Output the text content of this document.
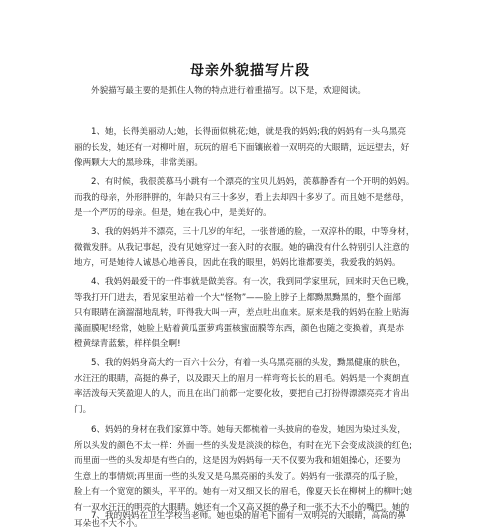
母亲外貌描写片段

外貌描写最主要的是抓住人物的特点进行着重描写。以下是，欢迎阅读。

1、她，长得美丽动人;她，长得面似桃花;她，就是我的妈妈;我的妈妈有一头乌黑亮
丽的长发，她还有一对柳叶眉，玩玩的眉毛下面镶嵌着一双明亮的大眼睛，远远望去，好
像两颗大大的黑珍珠，非常美丽。

2、有时候，我很羡慕马小跳有一个漂亮的宝贝儿妈妈，羡慕静香有一个开明的妈妈。
而我的母亲，外形胖胖的，年龄只有三十多岁，看上去却四十多岁了。而且她不是慈母，
是一个严厉的母亲。但是，她在我心中，是美好的。

3、我的妈妈并不漂亮，三十几岁的年纪，一张普通的脸，一双淳朴的眼，中等身材，
微微发胖。从我记事起，没有见她穿过一套入时的衣服。她的确没有什么特别引人注意的
地方，可是她待人诚恳心地善良，因此在我的眼里，妈妈比谁都要美，我爱我的妈妈。

4、我妈妈最爱干的一件事就是做美容。有一次，我到同学家里玩，回来时天色已晚，
等我打开门进去，看见家里站着一个大“怪物”——脸上脖子上都黝黑黝黑的，整个面部
只有眼睛在滴溜溜地乱转，吓得我大叫一声，差点吐出血来。原来是我的妈妈在脸上贴海
藻面膜呢!经常，她脸上贴着黄瓜蛋萝鸡蛋核蜜面膜等东西，颜色也随之变换着，真是赤
橙黄绿青蓝紫，样样俱全啊!

5、我的妈妈身高大约一百六十公分，有着一头乌黑亮丽的头发，黝黑健康的肤色，
水汪汪的眼睛，高挺的鼻子，以及跟天上的眉月一样弯弯长长的眉毛。妈妈是一个爽朗直
率活泼每天笑盈迎人的人，而且在出门前都一定要化妆，要把自己打扮得漂漂亮亮才肯出
门。

6、妈妈的身材在我们家算中等。她每天都梳着一头披肩的卷发，她因为染过头发，
所以头发的颜色不太一样：外面一些的头发是淡淡的棕色，有时在光下会变成淡淡的红色;
而里面一些的头发却是有些白的，这是因为妈妈每一天不仅要为我和姐姐操心，还要为
生意上的事情烦;再里面一些的头发又是乌黑亮丽的头发了。妈妈有一张漂亮的瓜子脸，
脸上有一个宽宽的额头，平平的。她有一对又细又长的眉毛，像夏天长在柳树上的柳叶;她
有一双水汪汪的明亮的大眼睛。她还有一个又高又挺的鼻子和一张不大不小的嘴巴。她的
耳朵也不大不小。

7、我的妈妈在卫生学校当老师。她也染的眉毛下面有一双明亮的大眼睛，高高的鼻
